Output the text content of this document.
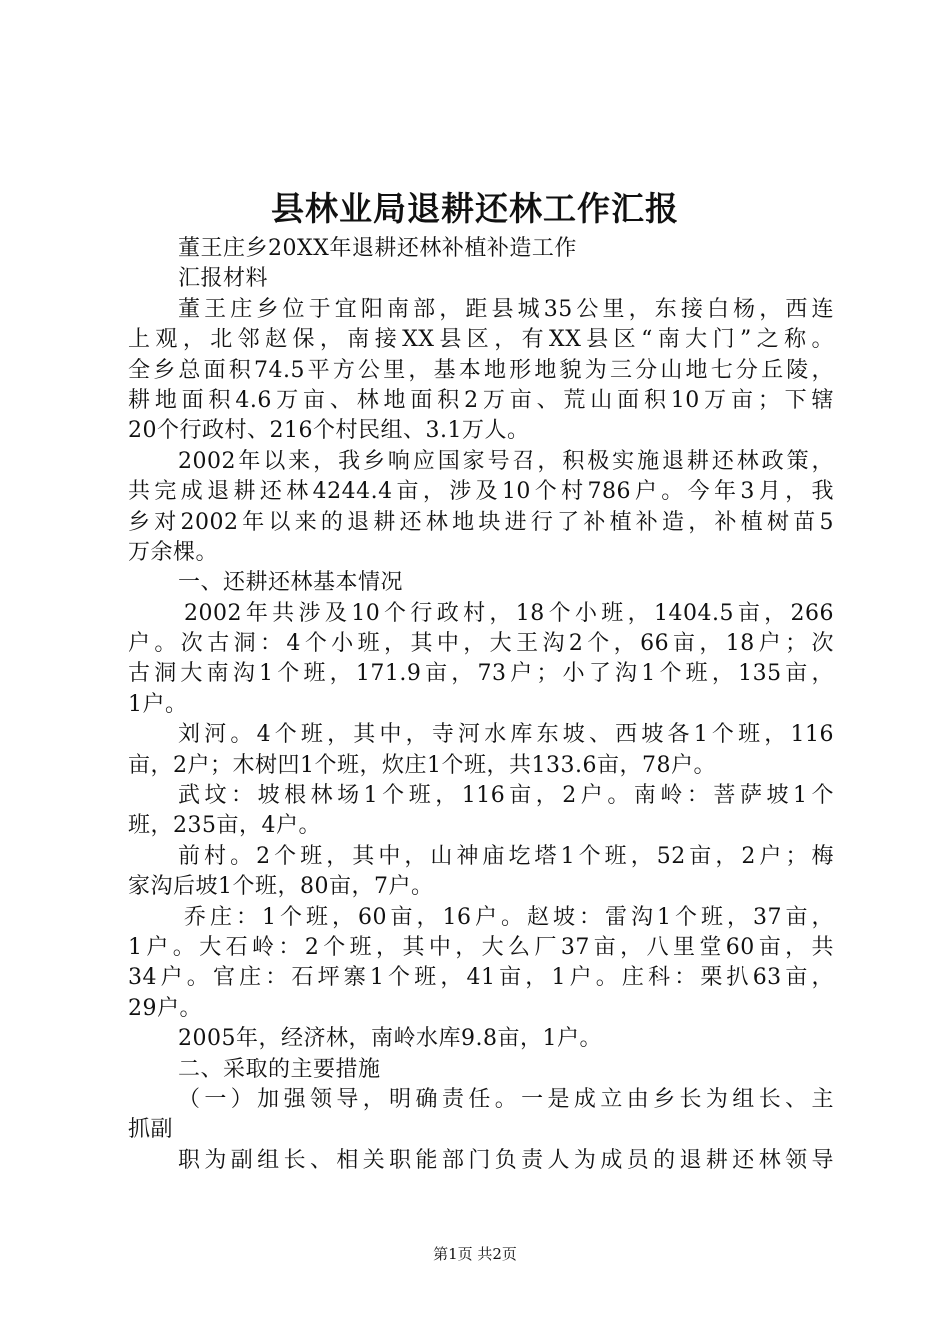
县林业局退耕还林工作汇报
董王庄乡20XX年退耕还林补植补造工作
汇报材料
董王庄乡位于宜阳南部，距县城35公里，东接白杨，西连
上观，北邻赵保，南接XX县区，有XX县区“南大门”之称。
全乡总面积74.5平方公里，基本地形地貌为三分山地七分丘陵，
耕地面积4.6万亩、林地面积2万亩、荒山面积10万亩；下辖
20个行政村、216个村民组、3.1万人。
2002年以来，我乡响应国家号召，积极实施退耕还林政策，
共完成退耕还林4244.4亩，涉及10个村786户。今年3月，我
乡对2002年以来的退耕还林地块进行了补植补造，补植树苗5
万余棵。
一、还耕还林基本情况
2002年共涉及10个行政村，18个小班，1404.5亩，266
户。次古洞：4个小班，其中，大王沟2个，66亩，18户；次
古洞大南沟1个班，171.9亩，73户；小了沟1个班，135亩，
1户。
刘河。4个班，其中，寺河水库东坡、西坡各1个班，116
亩，2户；木树凹1个班，炊庄1个班，共133.6亩，78户。
武坟：坡根林场1个班，116亩，2户。南岭：菩萨坡1个
班，235亩，4户。
前村。2个班，其中，山神庙圪塔1个班，52亩，2户；梅
家沟后坡1个班，80亩，7户。
乔庄：1个班，60亩，16户。赵坡：雷沟1个班，37亩，
1户。大石岭：2个班，其中，大么厂37亩，八里堂60亩，共
34户。官庄：石坪寨1个班，41亩，1户。庄科：栗扒63亩，
29户。
2005年，经济林，南岭水库9.8亩，1户。
二、采取的主要措施
（一）加强领导，明确责任。一是成立由乡长为组长、主
抓副
职为副组长、相关职能部门负责人为成员的退耕还林领导
第1页 共2页
